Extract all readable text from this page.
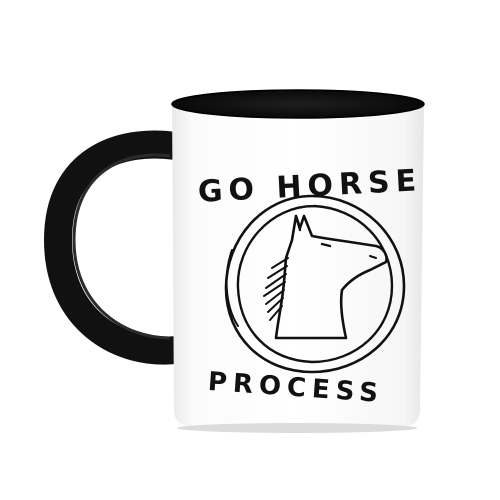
GO HORSE
PROCESS
